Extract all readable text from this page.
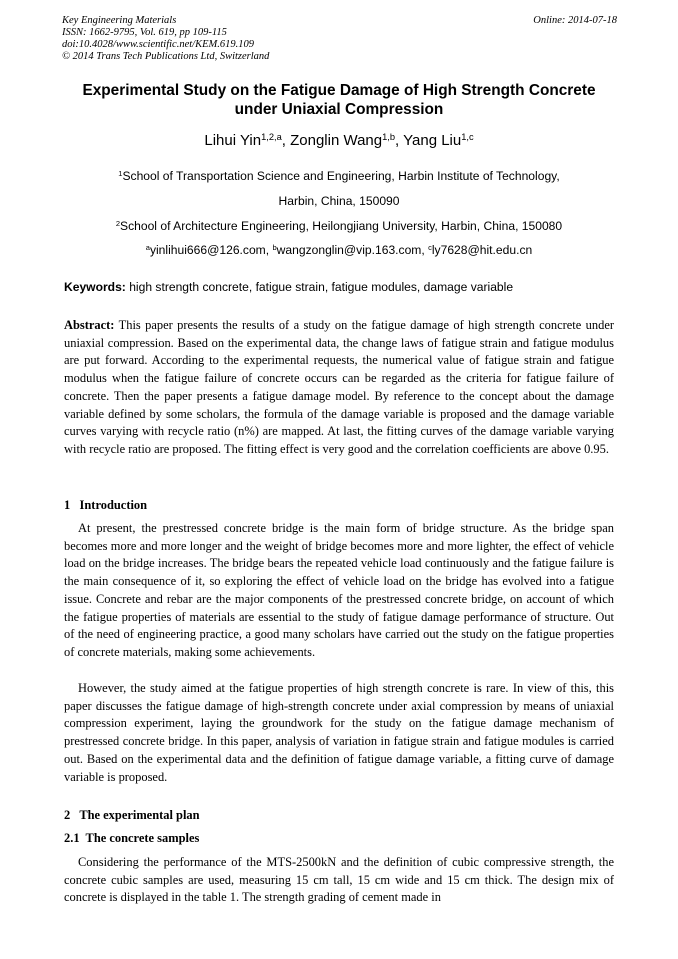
Key Engineering Materials
ISSN: 1662-9795, Vol. 619, pp 109-115
doi:10.4028/www.scientific.net/KEM.619.109
© 2014 Trans Tech Publications Ltd, Switzerland
Online: 2014-07-18
Experimental Study on the Fatigue Damage of High Strength Concrete
under Uniaxial Compression
Lihui Yin$^{1,2,a}$, Zonglin Wang$^{1,b}$, Yang Liu$^{1,c}$
$^1$School of Transportation Science and Engineering, Harbin Institute of Technology,
Harbin, China, 150090
$^2$School of Architecture Engineering, Heilongjiang University, Harbin, China, 150080
$^a$yinlihui666@126.com, $^b$wangzonglin@vip.163.com, $^c$ly7628@hit.edu.cn
Keywords: high strength concrete, fatigue strain, fatigue modules, damage variable
Abstract: This paper presents the results of a study on the fatigue damage of high strength concrete under uniaxial compression. Based on the experimental data, the change laws of fatigue strain and fatigue modulus are put forward. According to the experimental requests, the numerical value of fatigue strain and fatigue modulus when the fatigue failure of concrete occurs can be regarded as the criteria for fatigue failure of concrete. Then the paper presents a fatigue damage model. By reference to the concept about the damage variable defined by some scholars, the formula of the damage variable is proposed and the damage variable curves varying with recycle ratio (n%) are mapped. At last, the fitting curves of the damage variable varying with recycle ratio are proposed. The fitting effect is very good and the correlation coefficients are above 0.95.
1   Introduction
At present, the prestressed concrete bridge is the main form of bridge structure. As the bridge span becomes more and more longer and the weight of bridge becomes more and more lighter, the effect of vehicle load on the bridge increases. The bridge bears the repeated vehicle load continuously and the fatigue failure is the main consequence of it, so exploring the effect of vehicle load on the bridge has evolved into a fatigue issue. Concrete and rebar are the major components of the prestressed concrete bridge, on account of which the fatigue properties of materials are essential to the study of fatigue damage performance of structure. Out of the need of engineering practice, a good many scholars have carried out the study on the fatigue properties of concrete materials, making some achievements.
However, the study aimed at the fatigue properties of high strength concrete is rare. In view of this, this paper discusses the fatigue damage of high-strength concrete under axial compression by means of uniaxial compression experiment, laying the groundwork for the study on the fatigue damage mechanism of prestressed concrete bridge. In this paper, analysis of variation in fatigue strain and fatigue modules is carried out. Based on the experimental data and the definition of fatigue damage variable, a fitting curve of damage variable is proposed.
2   The experimental plan
2.1  The concrete samples
Considering the performance of the MTS-2500kN and the definition of cubic compressive strength, the concrete cubic samples are used, measuring 15 cm tall, 15 cm wide and 15 cm thick. The design mix of concrete is displayed in the table 1. The strength grading of cement made in
